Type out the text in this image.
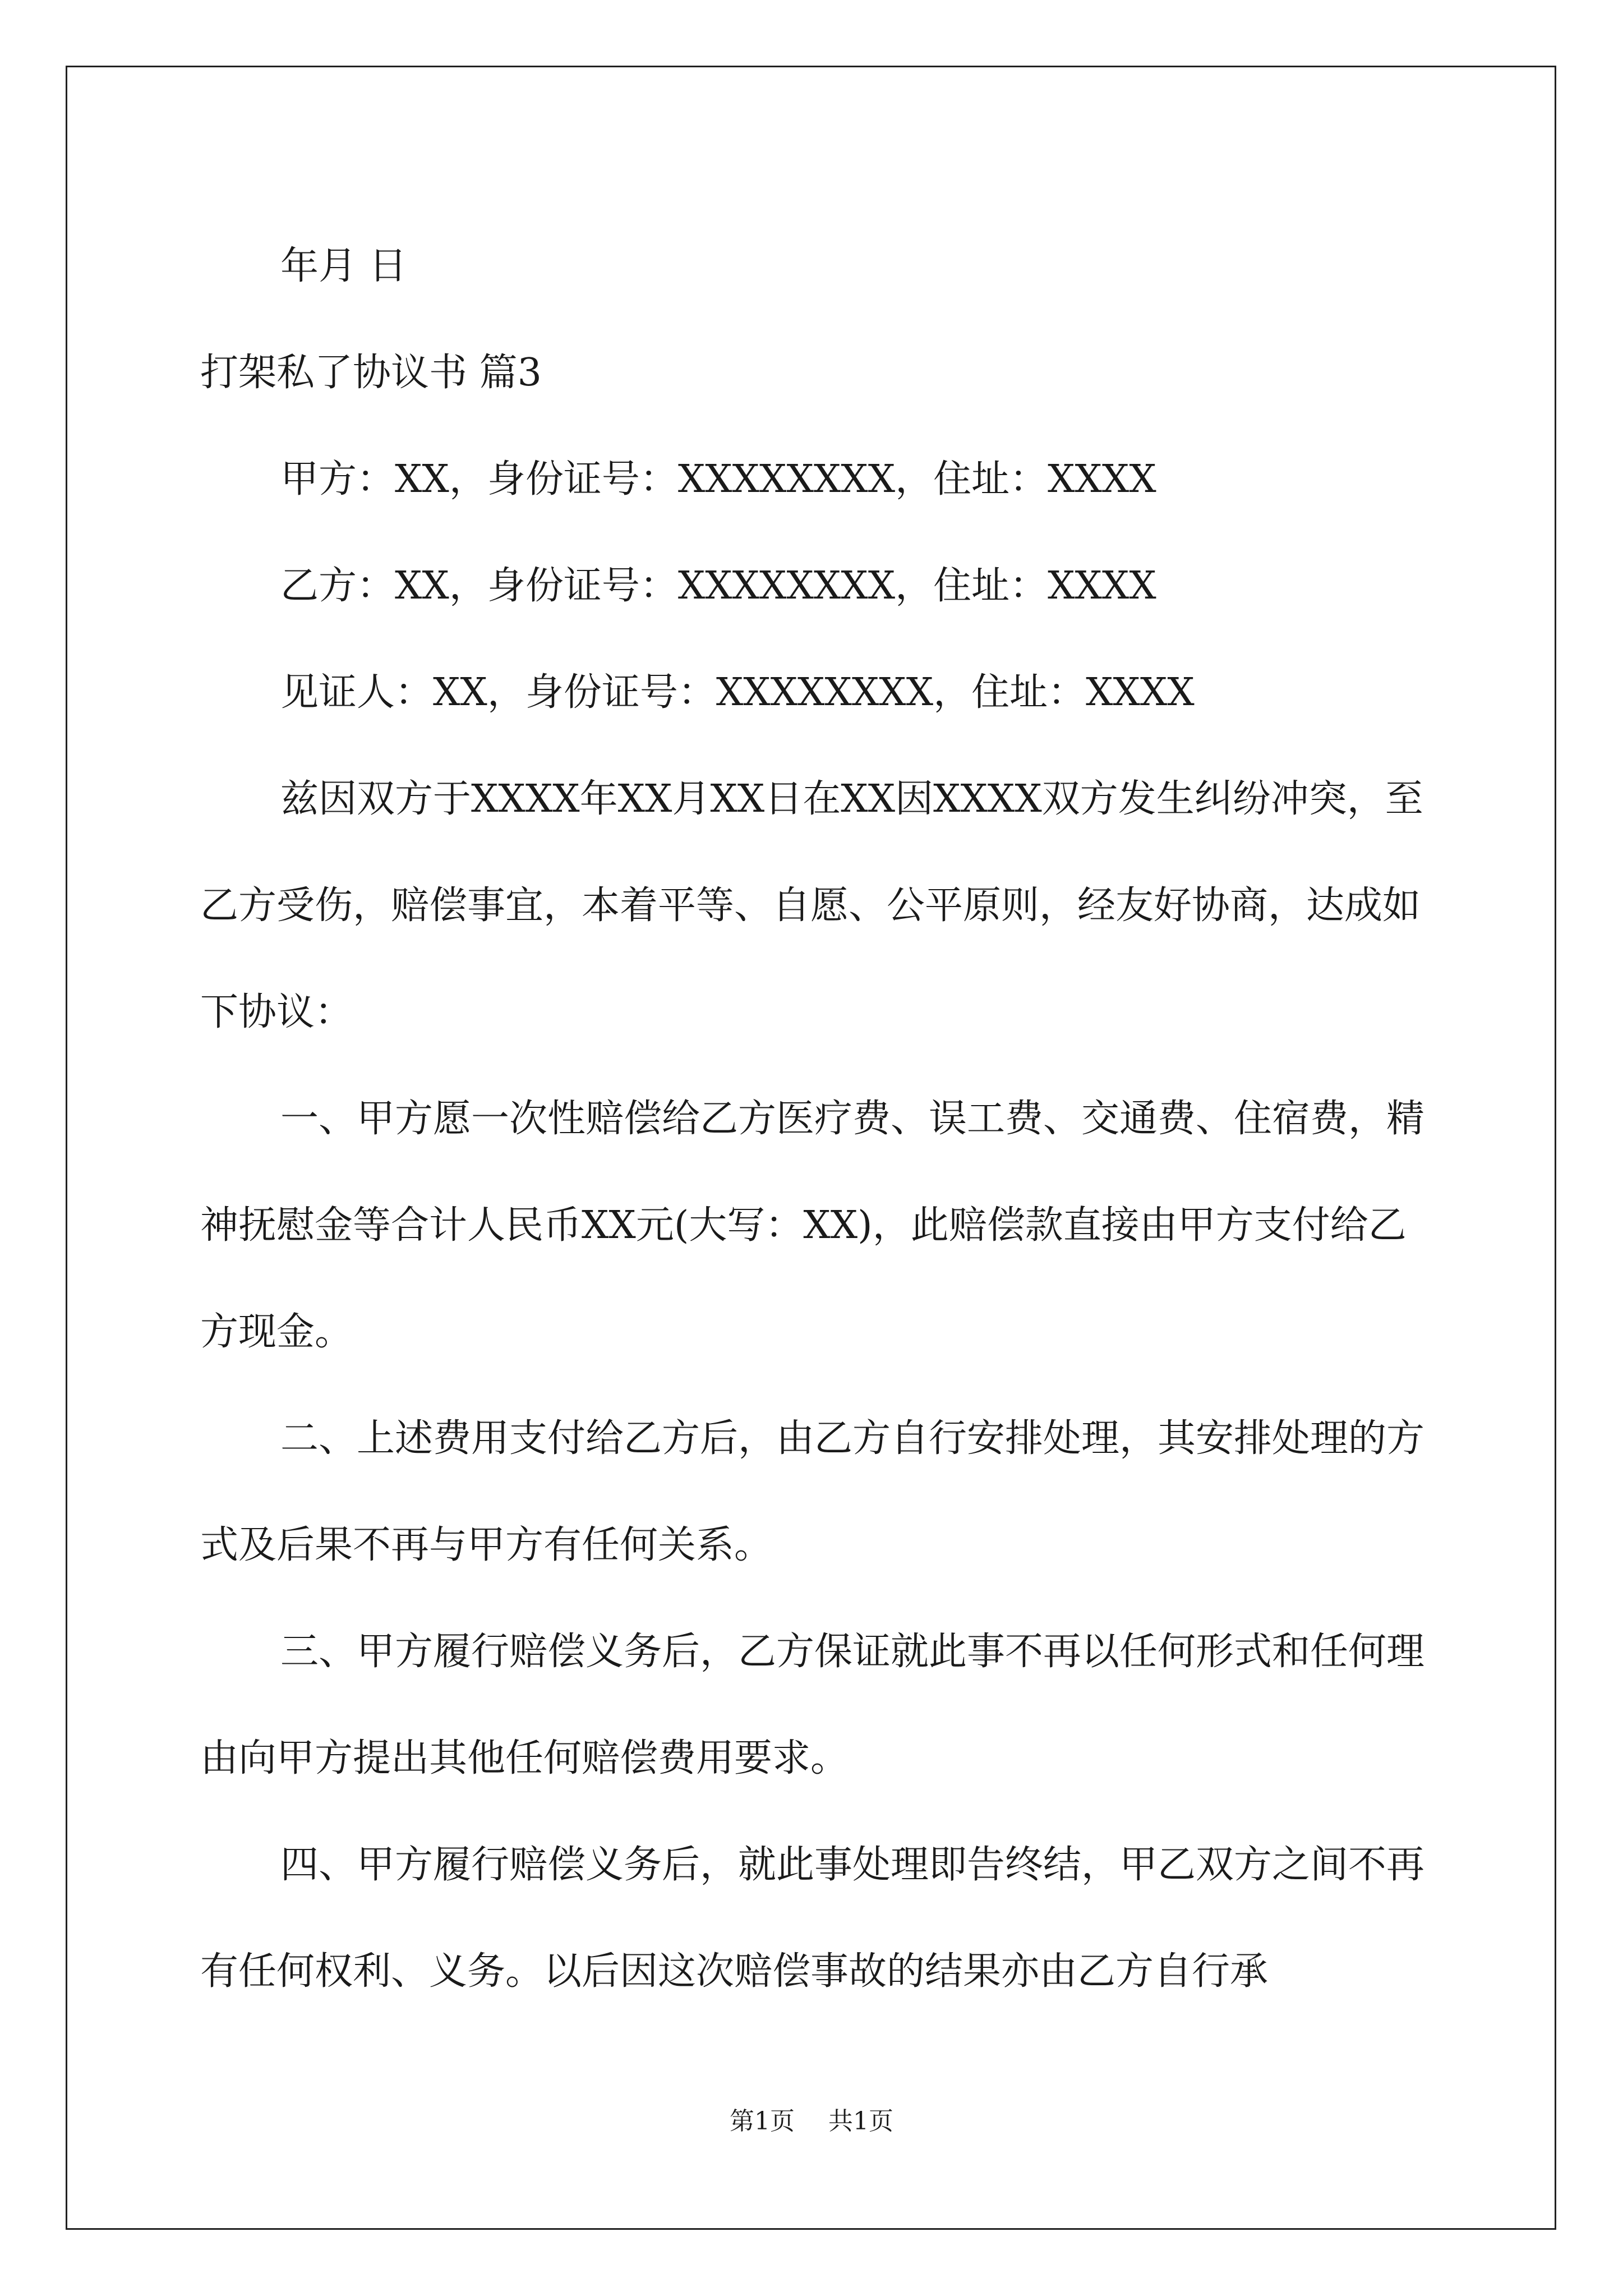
年月 日

打架私了协议书 篇3

甲方：XX，身份证号：XXXXXXXX，住址：XXXX

乙方：XX，身份证号：XXXXXXXX，住址：XXXX

见证人：XX，身份证号：XXXXXXXX，住址：XXXX

兹因双方于XXXX年XX月XX日在XX因XXXX双方发生纠纷冲突，至乙方受伤，赔偿事宜，本着平等、自愿、公平原则，经友好协商，达成如下协议：

一、甲方愿一次性赔偿给乙方医疗费、误工费、交通费、住宿费，精神抚慰金等合计人民币XX元(大写：XX)，此赔偿款直接由甲方支付给乙方现金。

二、上述费用支付给乙方后，由乙方自行安排处理，其安排处理的方式及后果不再与甲方有任何关系。

三、甲方履行赔偿义务后，乙方保证就此事不再以任何形式和任何理由向甲方提出其他任何赔偿费用要求。

四、甲方履行赔偿义务后，就此事处理即告终结，甲乙双方之间不再有任何权利、义务。以后因这次赔偿事故的结果亦由乙方自行承

第1页 共1页
